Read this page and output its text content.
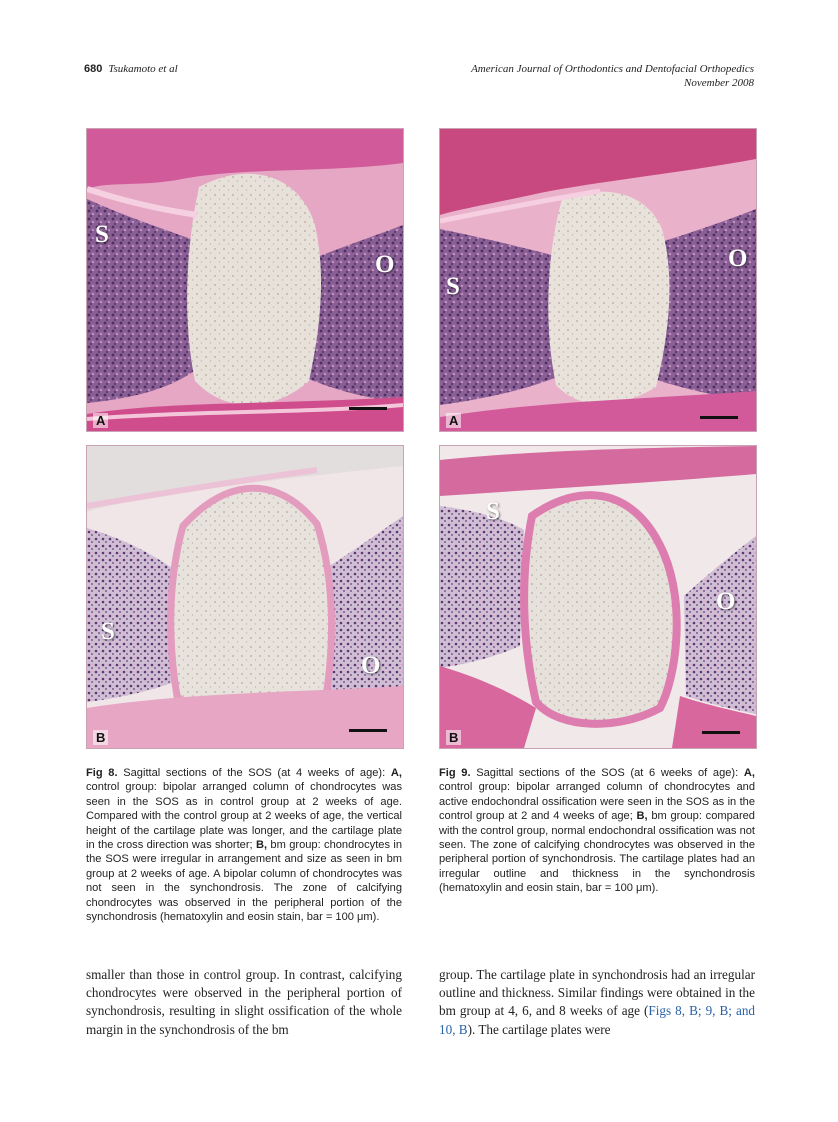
680 Tsukamoto et al	American Journal of Orthodontics and Dentofacial Orthopedics
November 2008
S
O
A
S
O
A
S
O
B
S
O
B
Fig 8. Sagittal sections of the SOS (at 4 weeks of age): A, control group: bipolar arranged column of chondrocytes was seen in the SOS as in control group at 2 weeks of age. Compared with the control group at 2 weeks of age, the vertical height of the cartilage plate was longer, and the cartilage plate in the cross direction was shorter; B, bm group: chondrocytes in the SOS were irregular in arrangement and size as seen in bm group at 2 weeks of age. A bipolar column of chondrocytes was not seen in the synchondrosis. The zone of calcifying chondrocytes was observed in the peripheral portion of the synchondrosis (hematoxylin and eosin stain, bar = 100 μm).
Fig 9. Sagittal sections of the SOS (at 6 weeks of age): A, control group: bipolar arranged column of chondrocytes and active endochondral ossification were seen in the SOS as in the control group at 2 and 4 weeks of age; B, bm group: compared with the control group, normal endochondral ossification was not seen. The zone of calcifying chondrocytes was observed in the peripheral portion of synchondrosis. The cartilage plates had an irregular outline and thickness in the synchondrosis (hematoxylin and eosin stain, bar = 100 μm).
smaller than those in control group. In contrast, calcifying chondrocytes were observed in the peripheral portion of synchondrosis, resulting in slight ossification of the whole margin in the synchondrosis of the bm
group. The cartilage plate in synchondrosis had an irregular outline and thickness. Similar findings were obtained in the bm group at 4, 6, and 8 weeks of age (Figs 8, B; 9, B; and 10, B). The cartilage plates were
